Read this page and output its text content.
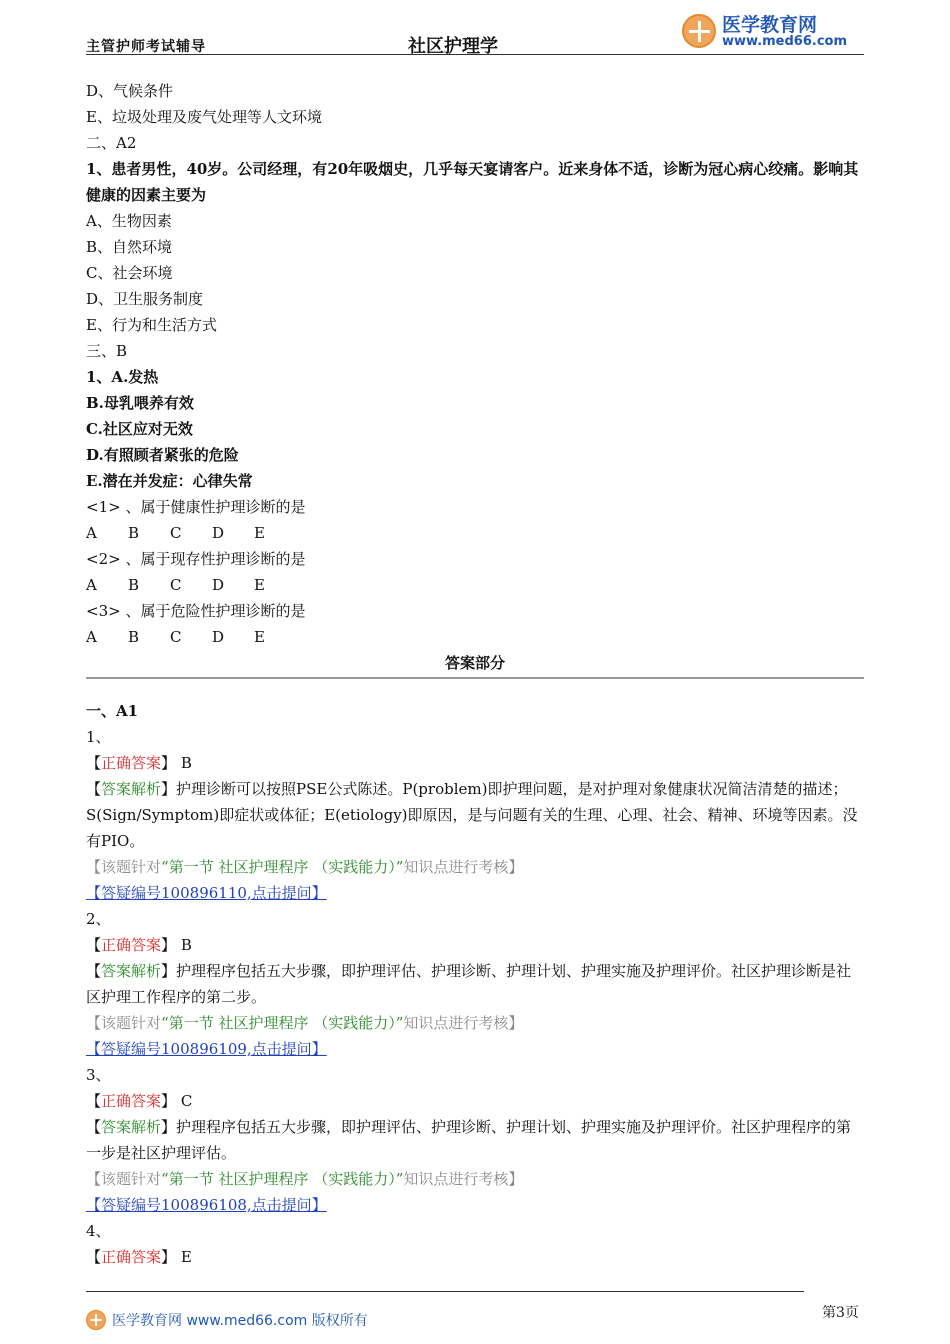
主管护师考试辅导	社区护理学
医学教育网
www.med66.com
D、气候条件
E、垃圾处理及废气处理等人文环境
二、A2
1、患者男性，40岁。公司经理，有20年吸烟史，几乎每天宴请客户。近来身体不适，诊断为冠心病心绞痛。影响其健康的因素主要为
A、生物因素
B、自然环境
C、社会环境
D、卫生服务制度
E、行为和生活方式
三、B
1、A.发热
B.母乳喂养有效
C.社区应对无效
D.有照顾者紧张的危险
E.潜在并发症：心律失常
<1> 、属于健康性护理诊断的是
A B C D E
<2> 、属于现存性护理诊断的是
A B C D E
<3> 、属于危险性护理诊断的是
A B C D E
答案部分
一、A1
1、
【正确答案】 B
【答案解析】护理诊断可以按照PSE公式陈述。P(problem)即护理问题，是对护理对象健康状况简洁清楚的描述；S(Sign/Symptom)即症状或体征；E(etiology)即原因，是与问题有关的生理、心理、社会、精神、环境等因素。没有PIO。
【该题针对“第一节 社区护理程序 （实践能力）”知识点进行考核】
【答疑编号100896110,点击提问】
2、
【正确答案】 B
【答案解析】护理程序包括五大步骤，即护理评估、护理诊断、护理计划、护理实施及护理评价。社区护理诊断是社区护理工作程序的第二步。
【该题针对“第一节 社区护理程序 （实践能力）”知识点进行考核】
【答疑编号100896109,点击提问】
3、
【正确答案】 C
【答案解析】护理程序包括五大步骤，即护理评估、护理诊断、护理计划、护理实施及护理评价。社区护理程序的第一步是社区护理评估。
【该题针对“第一节 社区护理程序 （实践能力）”知识点进行考核】
【答疑编号100896108,点击提问】
4、
【正确答案】 E
医学教育网 www.med66.com 版权所有	第3页
